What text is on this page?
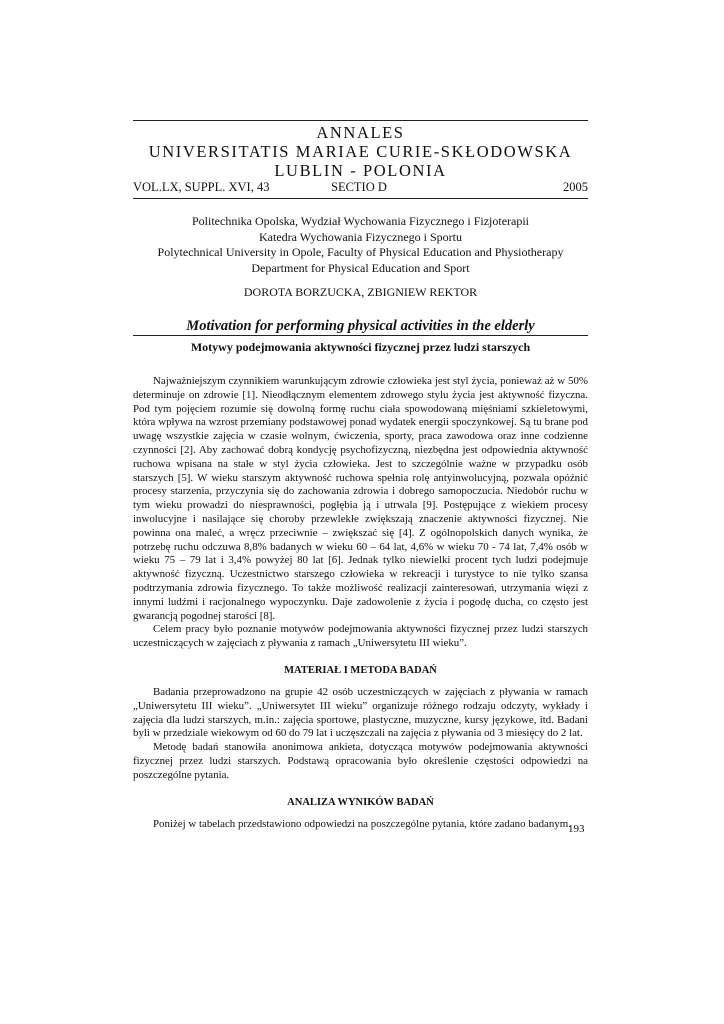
ANNALES
UNIVERSITATIS MARIAE CURIE-SKŁODOWSKA
LUBLIN - POLONIA
VOL.LX, SUPPL. XVI, 43	SECTIO D	2005
Politechnika Opolska, Wydział Wychowania Fizycznego i Fizjoterapii
Katedra Wychowania Fizycznego i Sportu
Polytechnical University in Opole, Faculty of Physical Education and Physiotherapy
Department for Physical Education and Sport
DOROTA BORZUCKA, ZBIGNIEW REKTOR
Motivation for performing physical activities in the elderly
Motywy podejmowania aktywności fizycznej przez ludzi starszych

Najważniejszym czynnikiem warunkującym zdrowie człowieka jest styl życia, ponieważ aż w 50% determinuje on zdrowie [1]. Nieodłącznym elementem zdrowego stylu życia jest aktywność fizyczna. Pod tym pojęciem rozumie się dowolną formę ruchu ciała spowodowaną mięśniami szkieletowymi, która wpływa na wzrost przemiany podstawowej ponad wydatek energii spoczynkowej. Są tu brane pod uwagę wszystkie zajęcia w czasie wolnym, ćwiczenia, sporty, praca zawodowa oraz inne codzienne czynności [2]. Aby zachować dobrą kondycję psychofizyczną, niezbędna jest odpowiednia aktywność ruchowa wpisana na stałe w styl życia człowieka. Jest to szczególnie ważne w przypadku osób starszych [5]. W wieku starszym aktywność ruchowa spełnia rolę antyinwolucyjną, pozwala opóźnić procesy starzenia, przyczynia się do zachowania zdrowia i dobrego samopoczucia. Niedobór ruchu w tym wieku prowadzi do niesprawności, pogłębia ją i utrwala [9]. Postępujące z wiekiem procesy inwolucyjne i nasilające się choroby przewlekłe zwiększają znaczenie aktywności fizycznej. Nie powinna ona maleć, a wręcz przeciwnie – zwiększać się [4]. Z ogólnopolskich danych wynika, że potrzebę ruchu odczuwa 8,8% badanych w wieku 60 – 64 lat, 4,6% w wieku 70 - 74 lat, 7,4% osób w wieku 75 – 79 lat i 3,4% powyżej 80 lat [6]. Jednak tylko niewielki procent tych ludzi podejmuje aktywność fizyczną. Uczestnictwo starszego człowieka w rekreacji i turystyce to nie tylko szansa podtrzymania zdrowia fizycznego. To także możliwość realizacji zainteresowań, utrzymania więzi z innymi ludźmi i racjonalnego wypoczynku. Daje zadowolenie z życia i pogodę ducha, co często jest gwarancją pogodnej starości [8].

Celem pracy było poznanie motywów podejmowania aktywności fizycznej przez ludzi starszych uczestniczących w zajęciach z pływania z ramach „Uniwersytetu III wieku”.

MATERIAŁ I METODA BADAŃ

Badania przeprowadzono na grupie 42 osób uczestniczących w zajęciach z pływania w ramach „Uniwersytetu III wieku”. „Uniwersytet III wieku” organizuje różnego rodzaju odczyty, wykłady i zajęcia dla ludzi starszych, m.in.: zajęcia sportowe, plastyczne, muzyczne, kursy językowe, itd. Badani byli w przedziale wiekowym od 60 do 79 lat i uczęszczali na zajęcia z pływania od 3 miesięcy do 2 lat.

Metodę badań stanowiła anonimowa ankieta, dotycząca motywów podejmowania aktywności fizycznej przez ludzi starszych. Podstawą opracowania było określenie częstości odpowiedzi na poszczególne pytania.

ANALIZA WYNIKÓW BADAŃ

Poniżej w tabelach przedstawiono odpowiedzi na poszczególne pytania, które zadano badanym.

193
